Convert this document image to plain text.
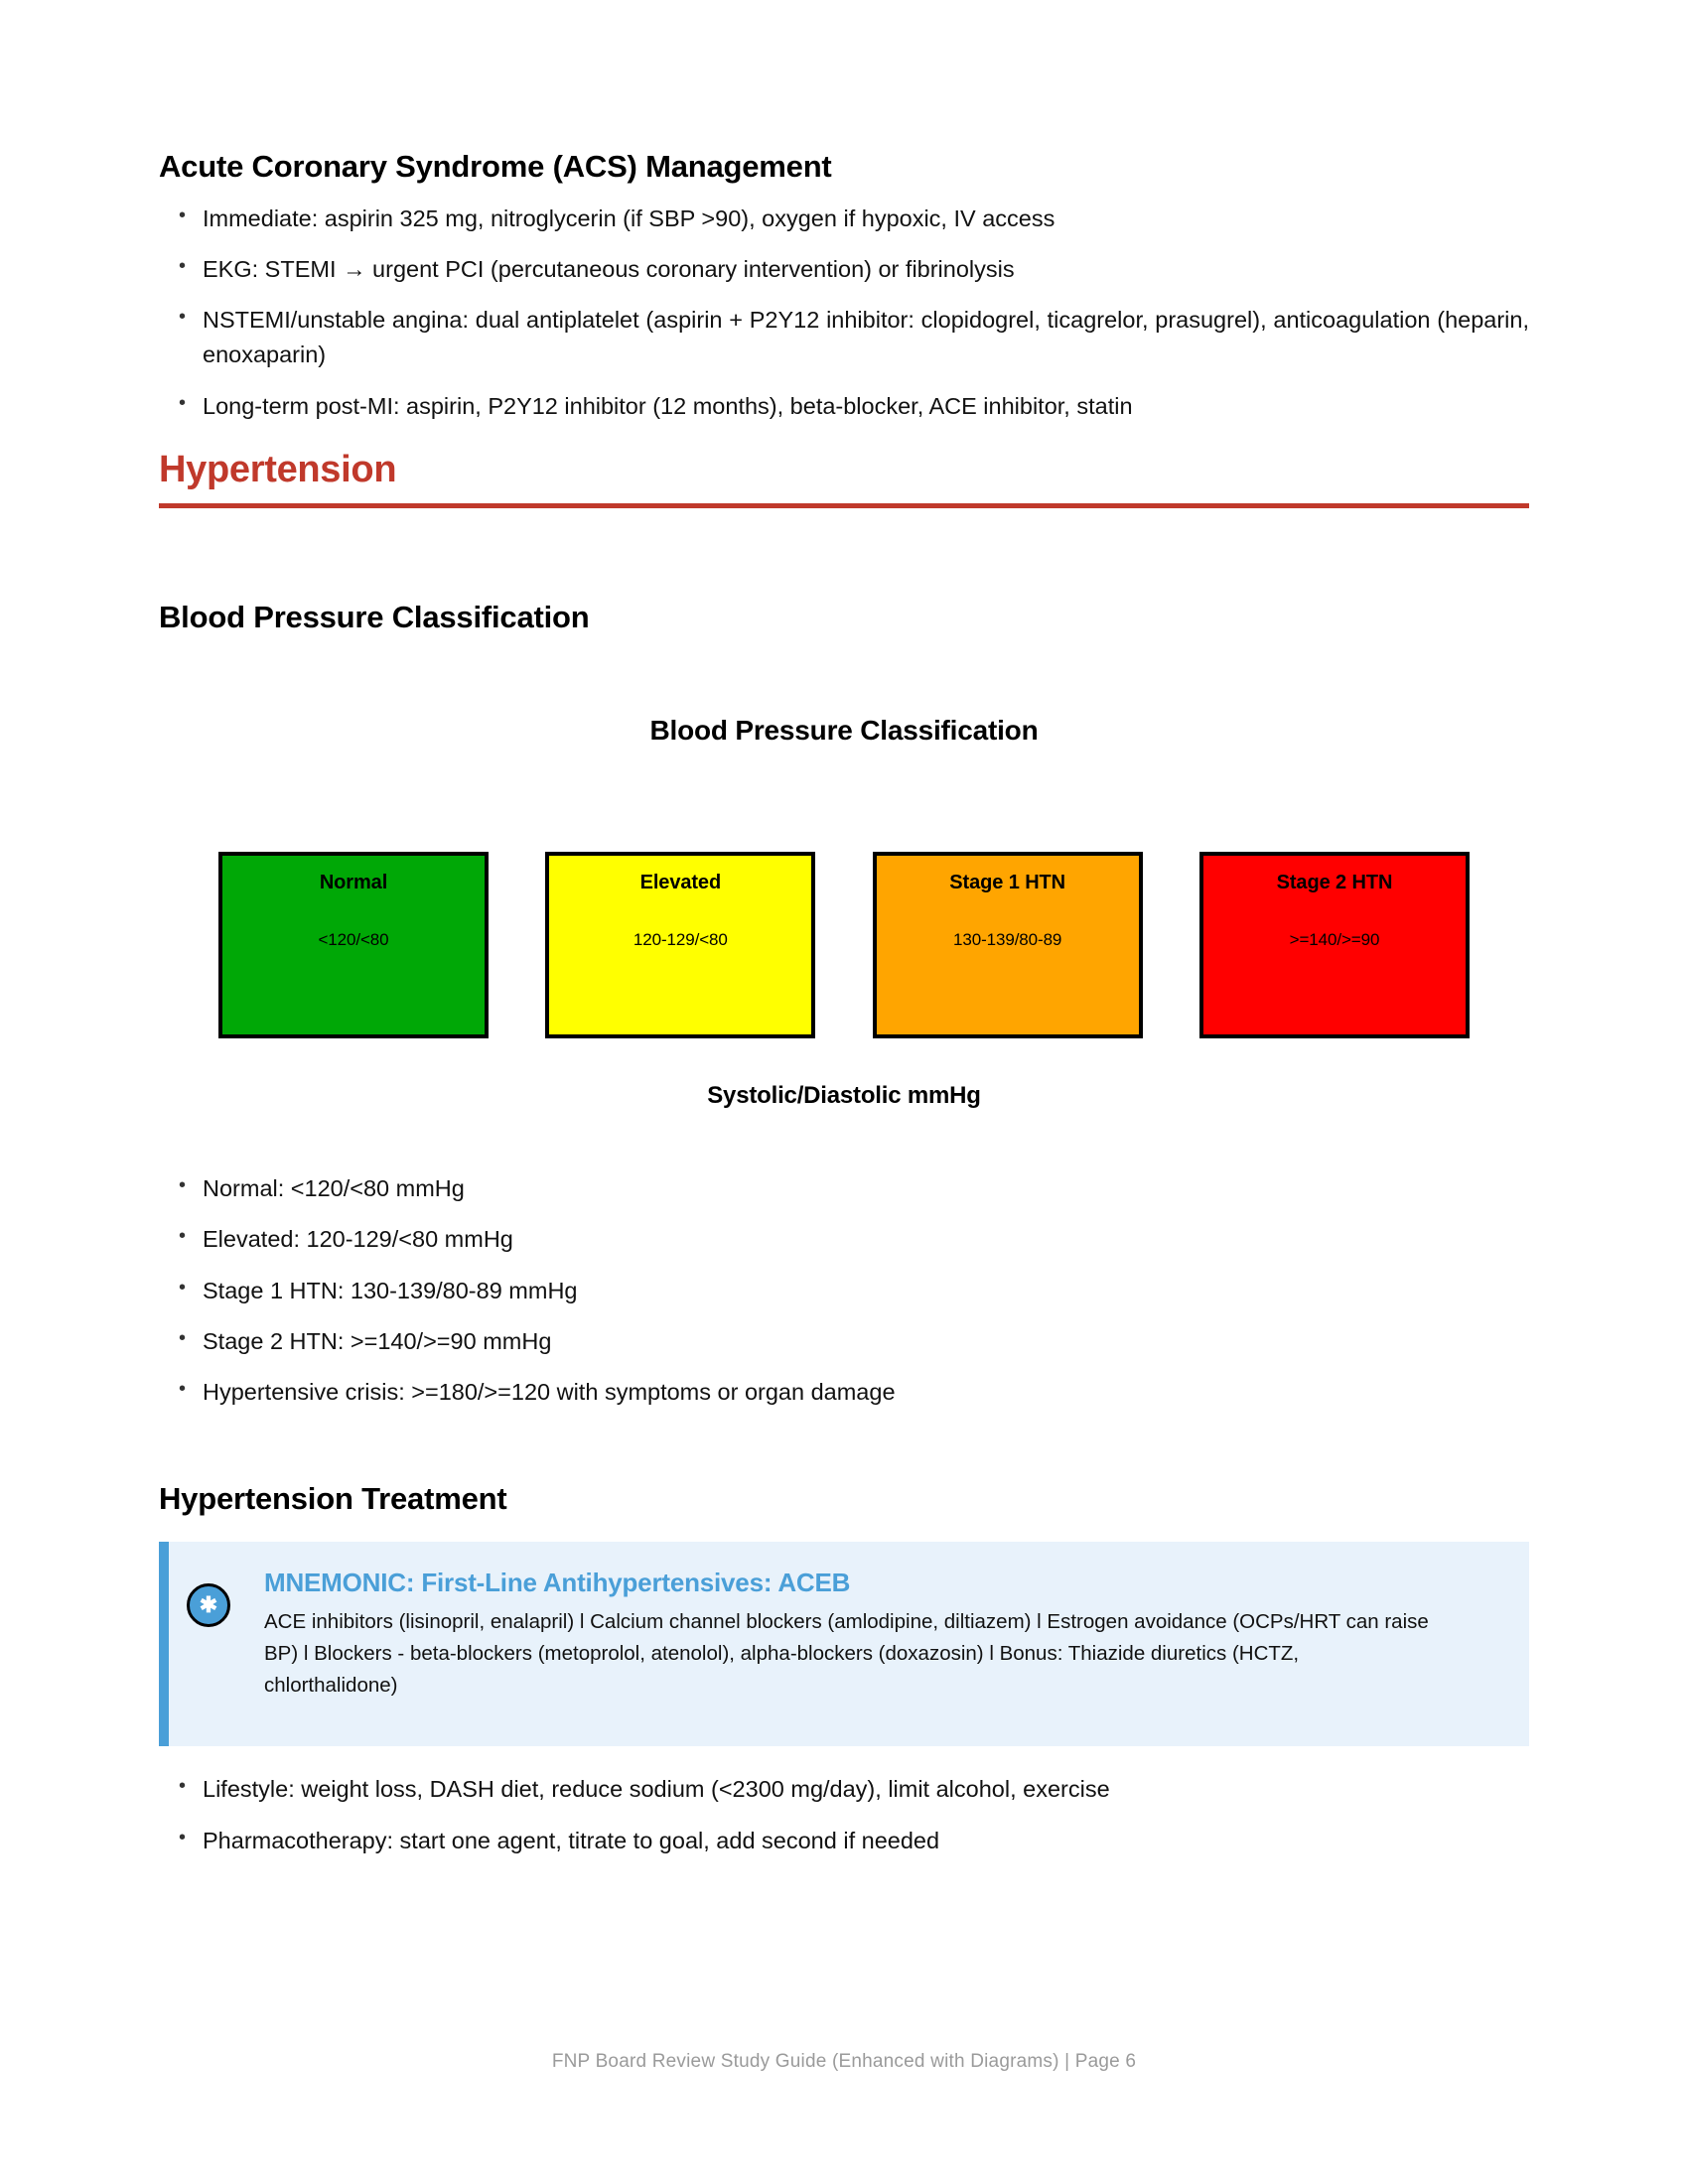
Acute Coronary Syndrome (ACS) Management
• Immediate: aspirin 325 mg, nitroglycerin (if SBP >90), oxygen if hypoxic, IV access
• EKG: STEMI → urgent PCI (percutaneous coronary intervention) or fibrinolysis
• NSTEMI/unstable angina: dual antiplatelet (aspirin + P2Y12 inhibitor: clopidogrel, ticagrelor, prasugrel), anticoagulation (heparin, enoxaparin)
• Long-term post-MI: aspirin, P2Y12 inhibitor (12 months), beta-blocker, ACE inhibitor, statin
Hypertension
Blood Pressure Classification

Blood Pressure Classification

Normal
<120/<80
Elevated
120-129/<80
Stage 1 HTN
130-139/80-89
Stage 2 HTN
>=140/>=90
Systolic/Diastolic mmHg
• Normal: <120/<80 mmHg
• Elevated: 120-129/<80 mmHg
• Stage 1 HTN: 130-139/80-89 mmHg
• Stage 2 HTN: >=140/>=90 mmHg
• Hypertensive crisis: >=180/>=120 with symptoms or organ damage
Hypertension Treatment
✱

MNEMONIC: First-Line Antihypertensives: ACEB

ACE inhibitors (lisinopril, enalapril) l Calcium channel blockers (amlodipine, diltiazem) l Estrogen avoidance (OCPs/HRT can raise BP) l Blockers - beta-blockers (metoprolol, atenolol), alpha-blockers (doxazosin) l Bonus: Thiazide diuretics (HCTZ, chlorthalidone)

• Lifestyle: weight loss, DASH diet, reduce sodium (<2300 mg/day), limit alcohol, exercise
• Pharmacotherapy: start one agent, titrate to goal, add second if needed
FNP Board Review Study Guide (Enhanced with Diagrams) | Page 6
